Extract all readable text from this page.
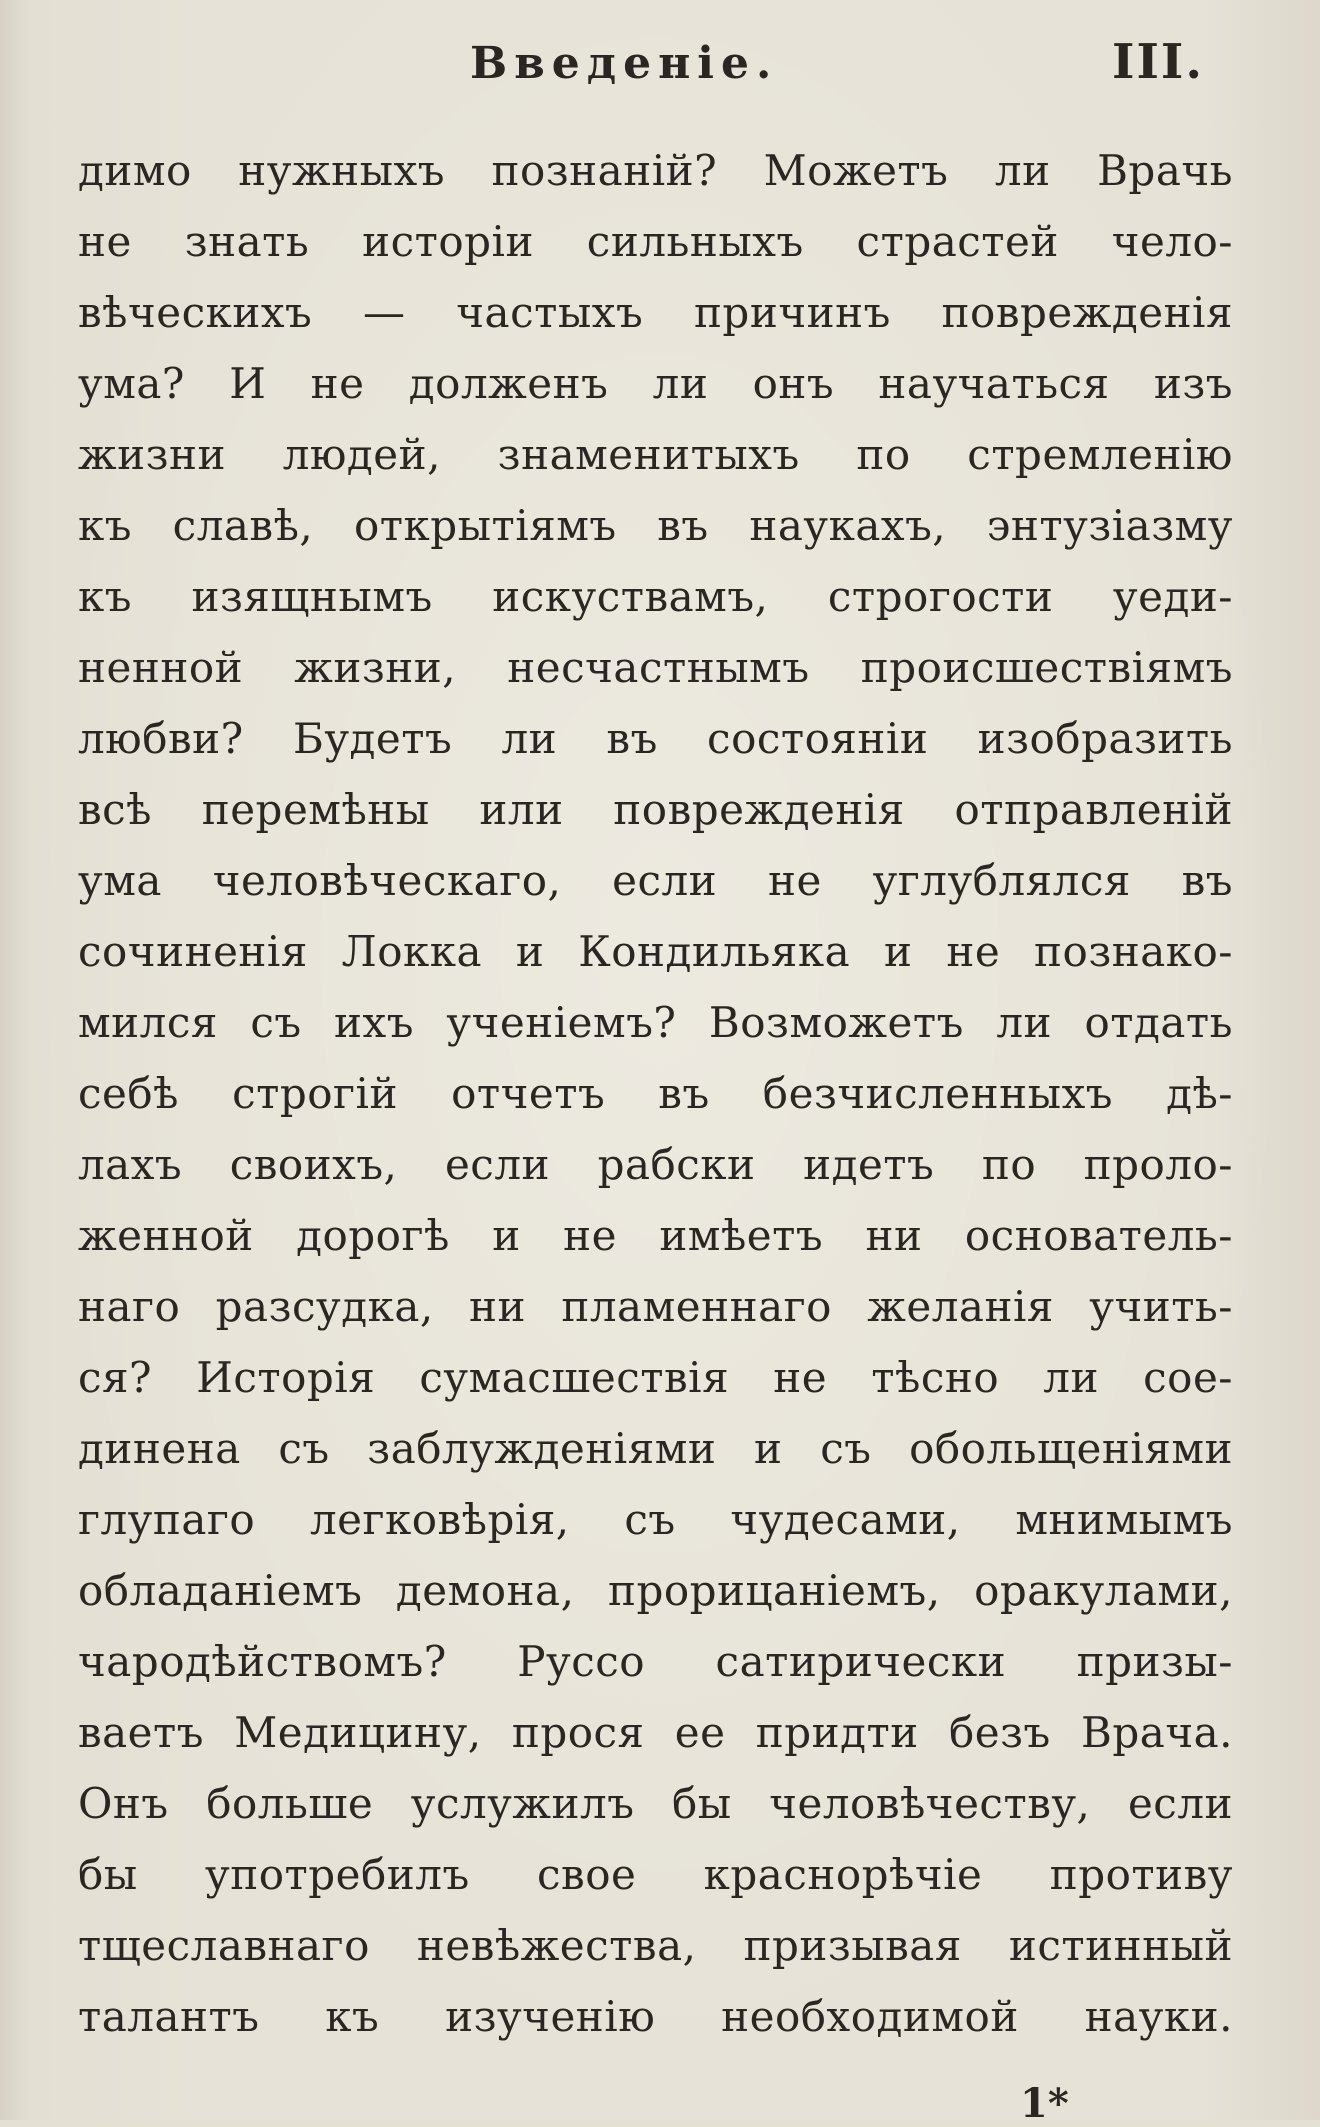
Введеніе.	III.
димо нужныхъ познаній? Можетъ ли Врачь
не знать исторіи сильныхъ страстей чело-
вѣческихъ — частыхъ причинъ поврежденія
ума? И не долженъ ли онъ научаться изъ
жизни людей, знаменитыхъ по стремленію
къ славѣ, открытіямъ въ наукахъ, энтузіазму
къ изящнымъ искуствамъ, строгости уеди-
ненной жизни, несчастнымъ происшествіямъ
любви? Будетъ ли въ состояніи изобразить
всѣ перемѣны или поврежденія отправленій
ума человѣческаго, если не углублялся въ
сочиненія Локка и Кондильяка и не познако-
мился съ ихъ ученіемъ? Возможетъ ли отдать
себѣ строгій отчетъ въ безчисленныхъ дѣ-
лахъ своихъ, если рабски идетъ по проло-
женной дорогѣ и не имѣетъ ни основатель-
наго разсудка, ни пламеннаго желанія учить-
ся? Исторія сумасшествія не тѣсно ли сое-
динена съ заблужденіями и съ обольщеніями
глупаго легковѣрія, съ чудесами, мнимымъ
обладаніемъ демона, прорицаніемъ, оракулами,
чародѣйствомъ? Руссо сатирически призы-
ваетъ Медицину, прося ее придти безъ Врача.
Онъ больше услужилъ бы человѣчеству, если
бы употребилъ свое краснорѣчіе противу
тщеславнаго невѣжества, призывая истинный
талантъ къ изученію необходимой науки.
1*
